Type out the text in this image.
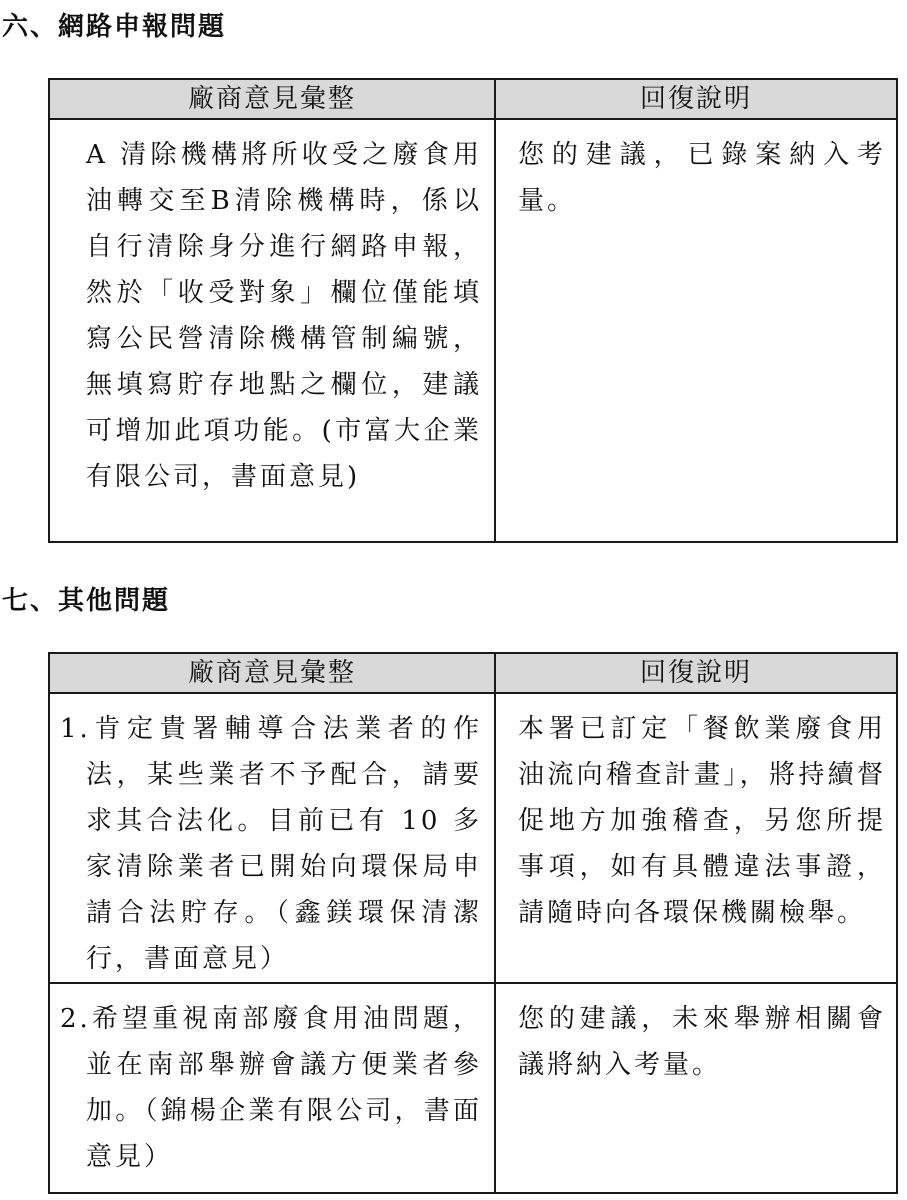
六、網路申報問題
廠商意見彙整	回復說明
A 清除機構將所收受之廢食用油轉交至B清除機構時，係以自行清除身分進行網路申報，然於「收受對象」欄位僅能填寫公民營清除機構管制編號，無填寫貯存地點之欄位，建議可增加此項功能。(市富大企業有限公司，書面意見)	您的建議，已錄案納入考量。
七、其他問題
廠商意見彙整	回復說明
1.肯定貴署輔導合法業者的作法，某些業者不予配合，請要求其合法化。目前已有 10 多家清除業者已開始向環保局申請合法貯存。（鑫鎂環保清潔行，書面意見）	本署已訂定「餐飲業廢食用油流向稽查計畫」，將持續督促地方加強稽查，另您所提事項，如有具體違法事證，請隨時向各環保機關檢舉。
2.希望重視南部廢食用油問題，並在南部舉辦會議方便業者參加。（錦楊企業有限公司，書面意見）	您的建議，未來舉辦相關會議將納入考量。
